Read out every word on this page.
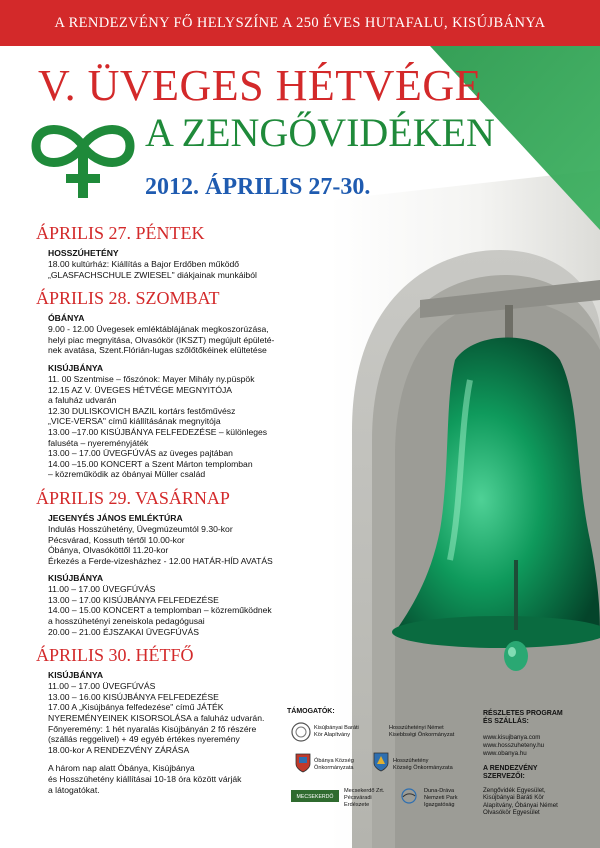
A RENDEZVÉNY FŐ HELYSZÍNE A 250 ÉVES HUTAFALU, KISÚJBÁNYA
V. ÜVEGES HÉTVÉGE
A ZENGŐVIDÉKEN
2012. ÁPRILIS 27-30.
ÁPRILIS 27. PÉNTEK
HOSSZÚHETÉNY
18.00 kultúrház: Kiállítás a Bajor Erdőben működő
„GLASFACHSCHULE ZWIESEL" diákjainak munkáiból
ÁPRILIS 28. SZOMBAT
ÓBÁNYA
9.00 - 12.00 Üvegesek emléktáblájának megkoszorúzása,
helyi piac megnyitása, Olvasókör (IKSZT) megújult épületé-
nek avatása, Szent.Flórián-lugas szőlőtőkéinek elültetése
KISÚJBÁNYA
11. 00 Szentmise – főszónok: Mayer Mihály ny.püspök
12.15 AZ V. ÜVEGES HÉTVÉGE MEGNYITÓJA
a faluház udvarán
12.30 DULISKOVICH BAZIL kortárs festőművész
„VICE-VERSA" című kiállításának megnyitója
13.00 –17.00 KISÚJBÁNYA FELFEDEZÉSE – különleges
faluséta – nyereményjáték
13.00 – 17.00 ÜVEGFÚVÁS az üveges pajtában
14.00 –15.00 KONCERT a Szent Márton templomban
– közreműködik az óbányai Müller család
ÁPRILIS 29. VASÁRNAP
JEGENYÉS JÁNOS EMLÉKTÚRA
Indulás Hosszúhetény, Üvegmúzeumtól 9.30-kor
Pécsvárad, Kossuth tértől 10.00-kor
Óbánya, Olvasóköttől 11.20-kor
Érkezés a Ferde-vizesházhez - 12.00 HATÁR-HÍD AVATÁS
KISÚJBÁNYA
11.00 – 17.00 ÜVEGFÚVÁS
13.00 – 17.00 KISÚJBÁNYA FELFEDEZÉSE
14.00 – 15.00 KONCERT a templomban – közreműködnek
a hosszúhetényi zeneiskola pedagógusai
20.00 – 21.00 ÉJSZAKAI ÜVEGFÚVÁS
ÁPRILIS 30. HÉTFŐ
KISÚJBÁNYA
11.00 – 17.00 ÜVEGFÚVÁS
13.00 – 16.00 KISÚJBÁNYA FELFEDEZÉSE
17.00 A „Kisújbánya felfedezése" című JÁTÉK
NYEREMÉNYEINEK KISORSOLÁSA a faluház udvarán.
Főnyeremény: 1 hét nyaralás Kisújbányán 2 fő részére
(szállás reggelivel) + 49 egyéb értékes nyeremény
18.00-kor A RENDEZVÉNY ZÁRÁSA
A három nap alatt Óbánya, Kisújbánya
és Hosszúhetény kiállításai 10-18 óra között várják
a látogatókat.
TÁMOGATÓK:
Kisújbányai Baráti
Kör Alapítvány
Hosszúhetényi Német
Kisebbségi Önkormányzat
Óbánya Község
Önkormányzata
Hosszúhetény
Község Önkormányzata
MECSEKERDŐ
Mecsekerdő Zrt.
Pécsváradi
Erdészete
Duna-Dráva
Nemzeti Park
Igazgatóság
RÉSZLETES PROGRAM
ÉS SZÁLLÁS:
www.kisujbanya.com
www.hosszuheteny.hu
www.obanya.hu
A RENDEZVÉNY
SZERVEZŐI:
Zengővidék Egyesület,
Kisújbányai Baráti Kör
Alapítvány, Óbányai Német
Olvasókör Egyesület
